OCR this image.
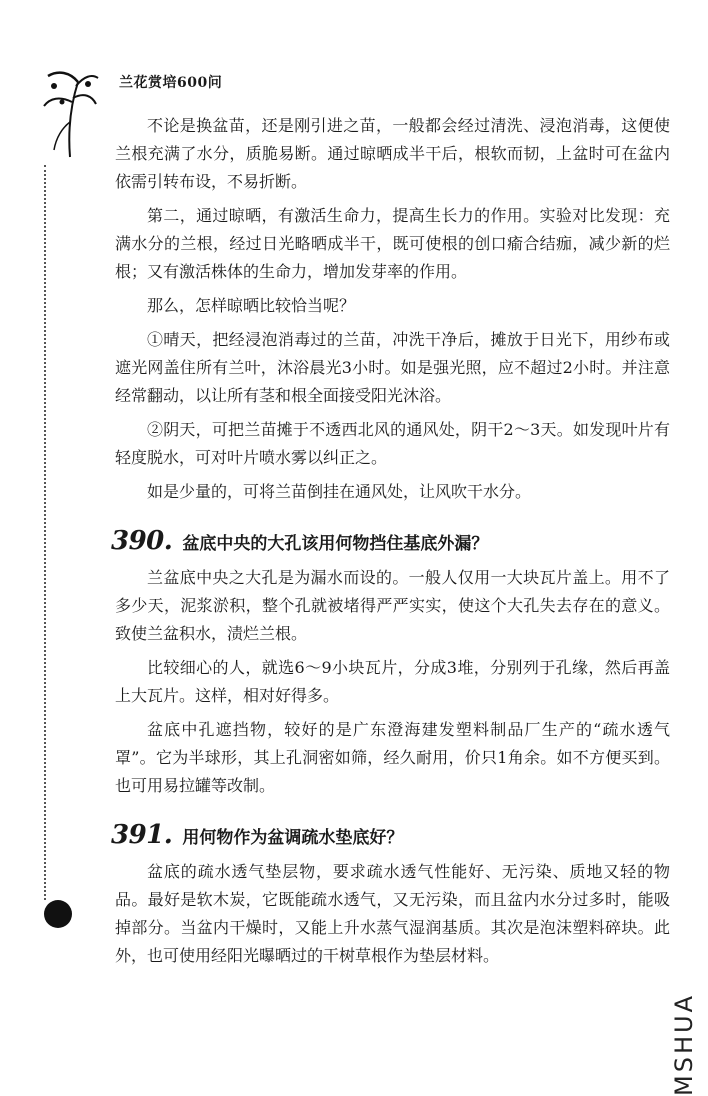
兰花赏培600问

不论是换盆苗，还是刚引进之苗，一般都会经过清洗、浸泡消毒，这便使兰根充满了水分，质脆易断。通过晾晒成半干后，根软而韧，上盆时可在盆内依需引转布设，不易折断。

第二，通过晾晒，有激活生命力，提高生长力的作用。实验对比发现：充满水分的兰根，经过日光略晒成半干，既可使根的创口瘉合结痂，减少新的烂根；又有激活株体的生命力，增加发芽率的作用。

那么，怎样晾晒比较恰当呢？

①晴天，把经浸泡消毒过的兰苗，冲洗干净后，摊放于日光下，用纱布或遮光网盖住所有兰叶，沐浴晨光3小时。如是强光照，应不超过2小时。并注意经常翻动，以让所有茎和根全面接受阳光沐浴。

②阴天，可把兰苗摊于不透西北风的通风处，阴干2～3天。如发现叶片有轻度脱水，可对叶片喷水雾以纠正之。

如是少量的，可将兰苗倒挂在通风处，让风吹干水分。

390. 盆底中央的大孔该用何物挡住基底外漏？

兰盆底中央之大孔是为漏水而设的。一般人仅用一大块瓦片盖上。用不了多少天，泥浆淤积，整个孔就被堵得严严实实，使这个大孔失去存在的意义。致使兰盆积水，渍烂兰根。

比较细心的人，就选6～9小块瓦片，分成3堆，分别列于孔缘，然后再盖上大瓦片。这样，相对好得多。

盆底中孔遮挡物，较好的是广东澄海建发塑料制品厂生产的“疏水透气罩”。它为半球形，其上孔洞密如筛，经久耐用，价只1角余。如不方便买到。也可用易拉罐等改制。

391. 用何物作为盆调疏水垫底好？

盆底的疏水透气垫层物，要求疏水透气性能好、无污染、质地又轻的物品。最好是软木炭，它既能疏水透气，又无污染，而且盆内水分过多时，能吸掉部分。当盆内干燥时，又能上升水蒸气湿润基质。其次是泡沫塑料碎块。此外，也可使用经阳光曝晒过的干树草根作为垫层材料。

MSHUA
